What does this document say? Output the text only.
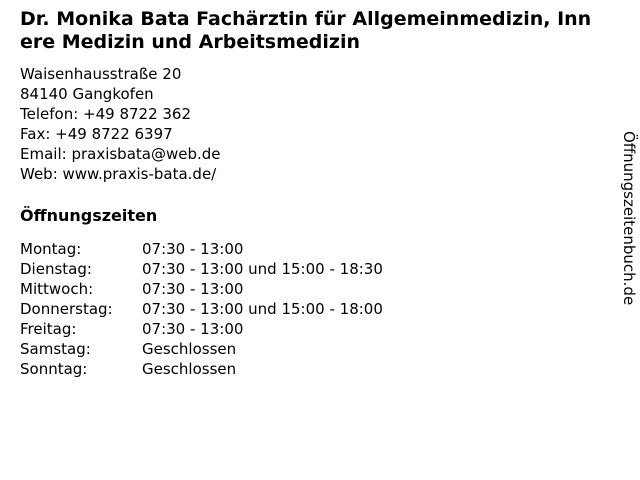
Dr. Monika Bata Fachärztin für Allgemeinmedizin, Inn
ere Medizin und Arbeitsmedizin
Waisenhausstraße 20
84140 Gangkofen
Telefon: +49 8722 362
Fax: +49 8722 6397
Email: praxisbata@web.de
Web: www.praxis-bata.de/
Öffnungszeiten
Montag:	07:30 - 13:00
Dienstag:	07:30 - 13:00 und 15:00 - 18:30
Mittwoch:	07:30 - 13:00
Donnerstag:	07:30 - 13:00 und 15:00 - 18:00
Freitag:	07:30 - 13:00
Samstag:	Geschlossen
Sonntag:	Geschlossen
Öffnungszeitenbuch.de
